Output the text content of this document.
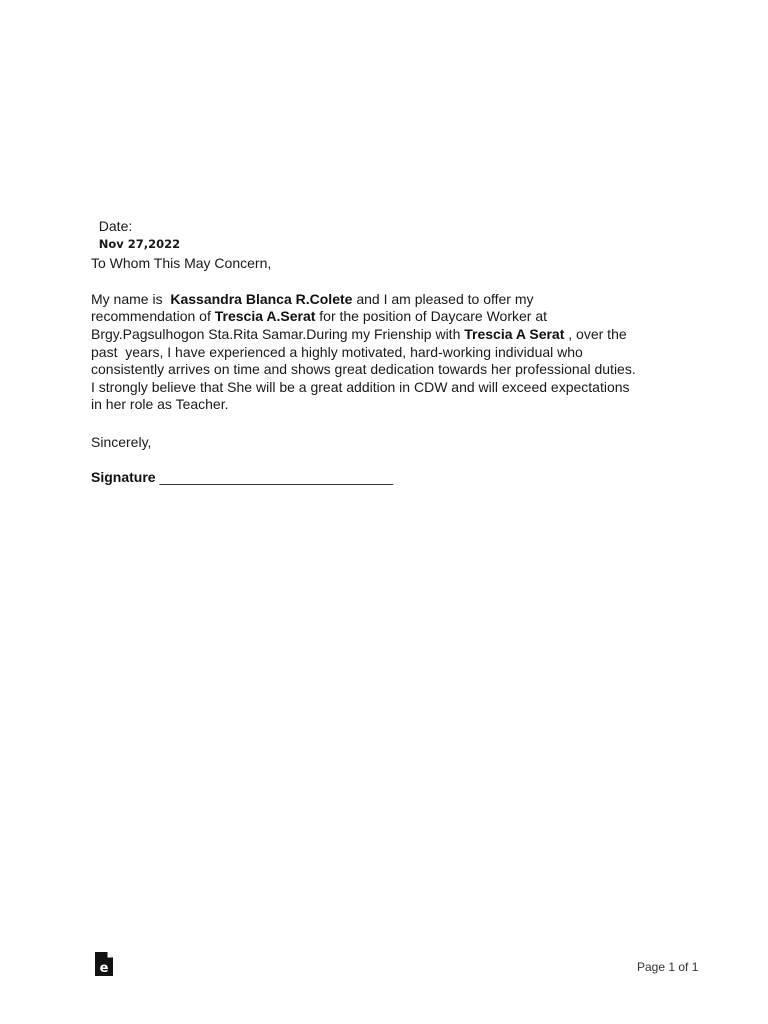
Date:
Nov 27,2022

To Whom This May Concern,
My name is  Kassandra Blanca R.Colete and I am pleased to offer my
recommendation of Trescia A.Serat for the position of Daycare Worker at
Brgy.Pagsulhogon Sta.Rita Samar.During my Frienship with Trescia A Serat , over the
past  years, I have experienced a highly motivated, hard-working individual who
consistently arrives on time and shows great dedication towards her professional duties.
I strongly believe that She will be a great addition in CDW and will exceed expectations
in her role as Teacher.
Sincerely,
Signature ______________________________
e	Page 1 of 1
